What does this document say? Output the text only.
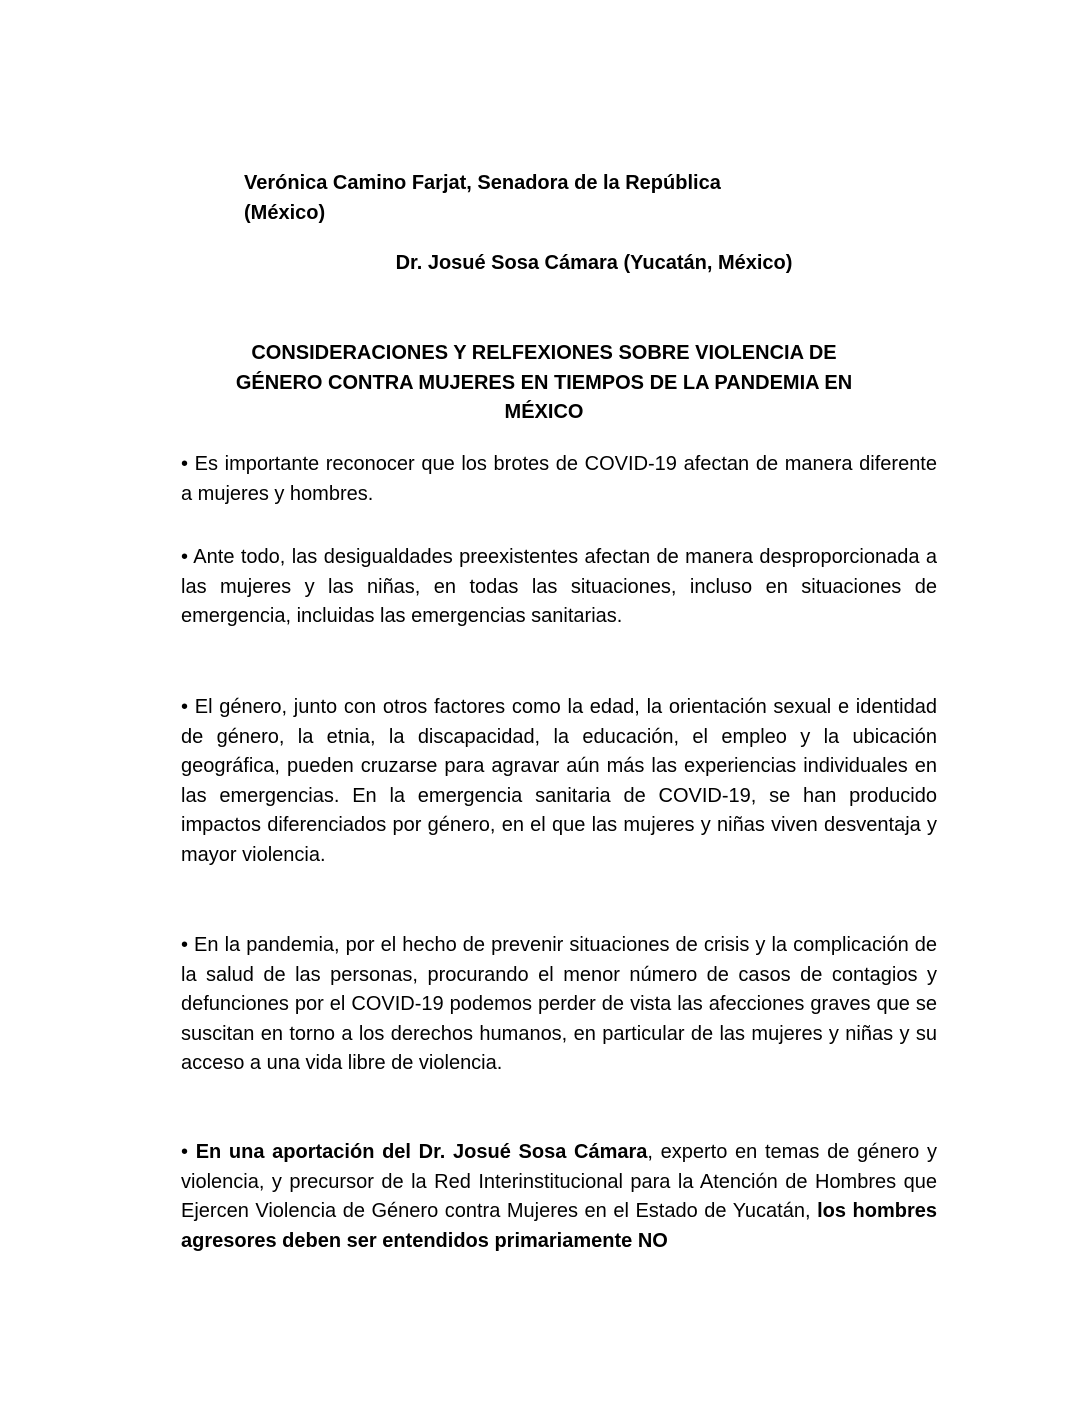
Verónica Camino Farjat, Senadora de la República
(México)
Dr. Josué Sosa Cámara (Yucatán, México)
CONSIDERACIONES Y RELFEXIONES SOBRE VIOLENCIA DE
GÉNERO CONTRA MUJERES EN TIEMPOS DE LA PANDEMIA EN
MÉXICO

• Es importante reconocer que los brotes de COVID-19 afectan de manera diferente a mujeres y hombres.

• Ante todo, las desigualdades preexistentes afectan de manera desproporcionada a las mujeres y las niñas, en todas las situaciones, incluso en situaciones de emergencia, incluidas las emergencias sanitarias.

• El género, junto con otros factores como la edad, la orientación sexual e identidad de género, la etnia, la discapacidad, la educación, el empleo y la ubicación geográfica, pueden cruzarse para agravar aún más las experiencias individuales en las emergencias. En la emergencia sanitaria de COVID-19, se han producido impactos diferenciados por género, en el que las mujeres y niñas viven desventaja y mayor violencia.

• En la pandemia, por el hecho de prevenir situaciones de crisis y la complicación de la salud de las personas, procurando el menor número de casos de contagios y defunciones por el COVID-19 podemos perder de vista las afecciones graves que se suscitan en torno a los derechos humanos, en particular de las mujeres y niñas y su acceso a una vida libre de violencia.

• En una aportación del Dr. Josué Sosa Cámara, experto en temas de género y violencia, y precursor de la Red Interinstitucional para la Atención de Hombres que Ejercen Violencia de Género contra Mujeres en el Estado de Yucatán, los hombres agresores deben ser entendidos primariamente NO
